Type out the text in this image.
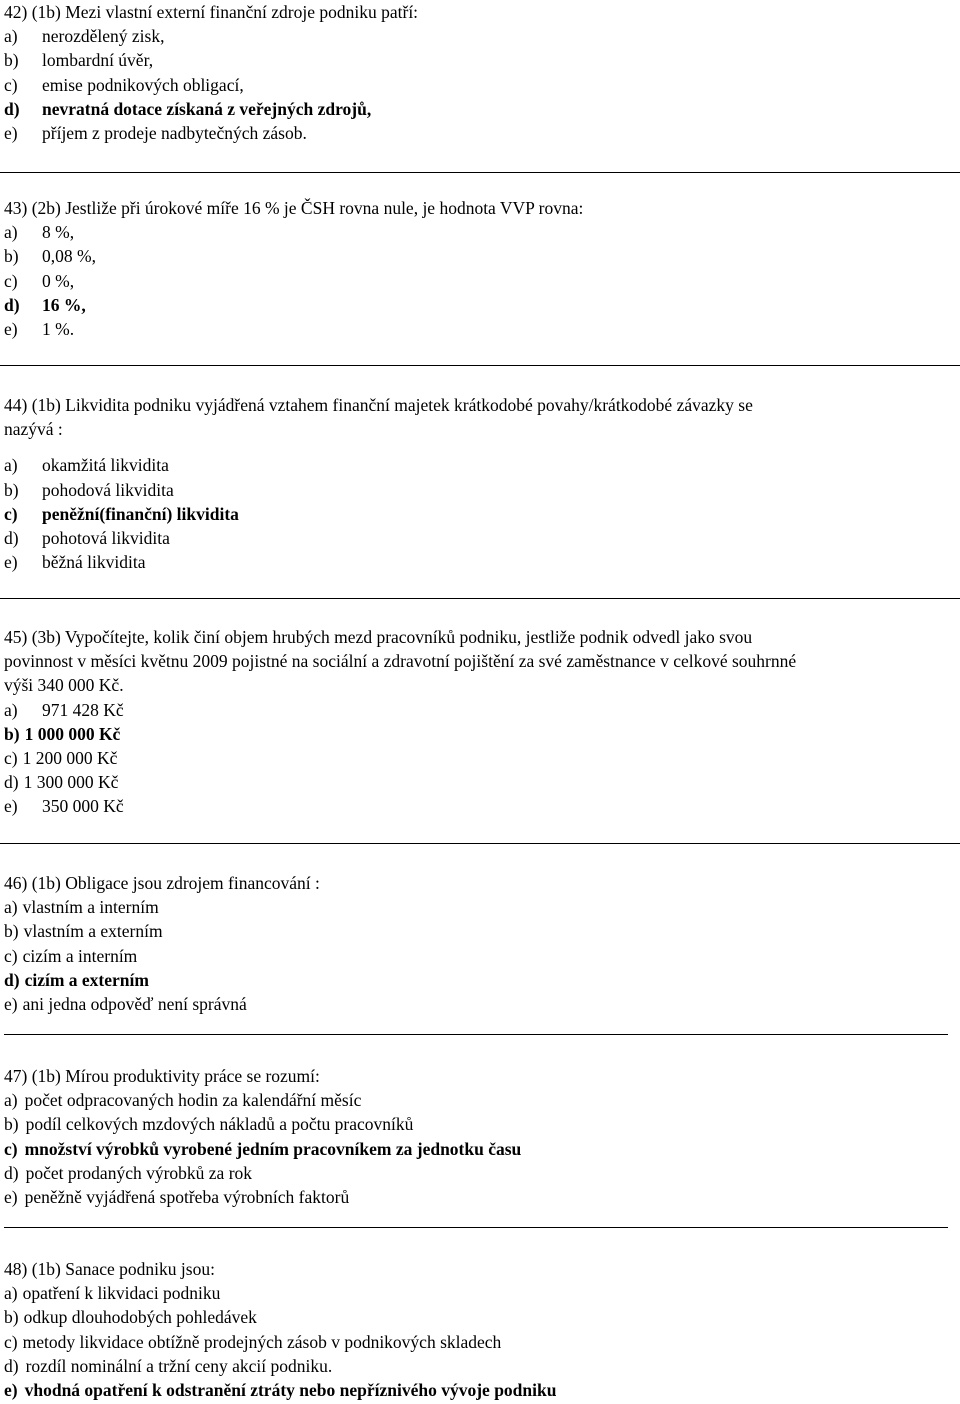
42) (1b) Mezi vlastní externí finanční zdroje podniku patří:
a) nerozdělený zisk,
b) lombardní úvěr,
c) emise podnikových obligací,
d) nevratná dotace získaná z veřejných zdrojů,
e) příjem z prodeje nadbytečných zásob.
43) (2b) Jestliže při úrokové míře 16 % je ČSH rovna nule, je hodnota VVP rovna:
a) 8 %,
b) 0,08 %,
c) 0 %,
d) 16 %,
e) 1 %.
44) (1b) Likvidita podniku vyjádřená vztahem finanční majetek krátkodobé povahy/krátkodobé závazky se
nazývá :
a) okamžitá likvidita
b) pohodová likvidita
c) peněžní(finanční) likvidita
d) pohotová likvidita
e) běžná likvidita
45) (3b) Vypočítejte, kolik činí objem hrubých mezd pracovníků podniku, jestliže podnik odvedl jako svou
povinnost v měsíci květnu 2009 pojistné na sociální a zdravotní pojištění za své zaměstnance v celkové souhrnné
výši 340 000 Kč.
a) 971 428 Kč
b) 1 000 000 Kč
c) 1 200 000 Kč
d) 1 300 000 Kč
e) 350 000 Kč
46) (1b) Obligace jsou zdrojem financování :
a) vlastním a interním
b) vlastním a externím
c) cizím a interním
d) cizím a externím
e) ani jedna odpověď není správná
47) (1b) Mírou produktivity práce se rozumí:
a) počet odpracovaných hodin za kalendářní měsíc
b) podíl celkových mzdových nákladů a počtu pracovníků
c) množství výrobků vyrobené jedním pracovníkem za jednotku času
d) počet prodaných výrobků za rok
e) peněžně vyjádřená spotřeba výrobních faktorů
48) (1b) Sanace podniku jsou:
a) opatření k likvidaci podniku
b) odkup dlouhodobých pohledávek
c) metody likvidace obtížně prodejných zásob v podnikových skladech
d) rozdíl nominální a tržní ceny akcií podniku.
e) vhodná opatření k odstranění ztráty nebo nepříznivého vývoje podniku
